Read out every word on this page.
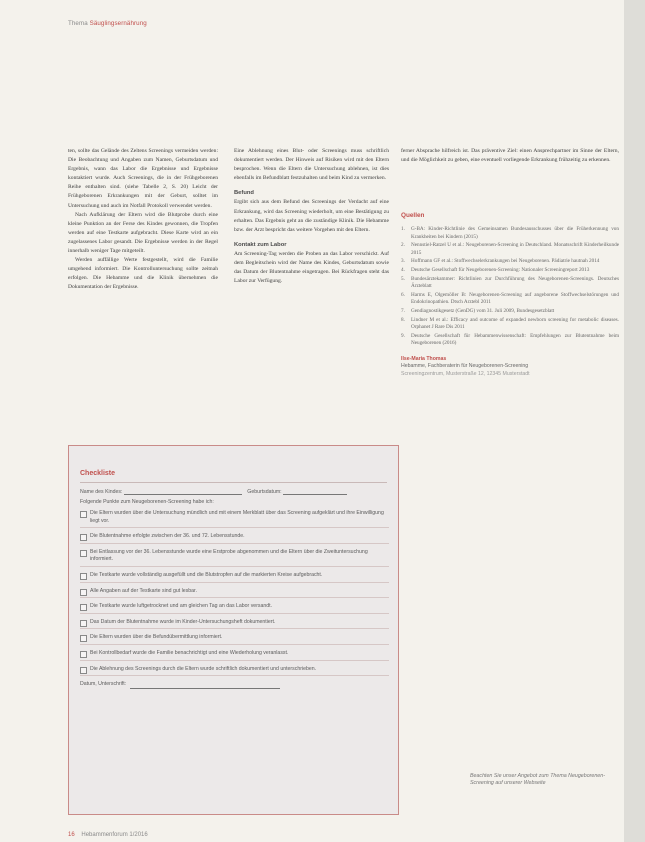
Thema Säuglingsernährung

ten, sollte das Gelände des Zeltens Screenings vermeiden werden: Die Beobachtung und Angaben zum Namen, Geburtsdatum und Ergebnis, wann das Labor die Ergebnisse und Ergebnisse kontaktiert wurde. Auch Screenings, die in der Frühgeborenen Reihe enthalten sind. (siehe Tabelle 2, S. 20) Leicht der Frühgeborenen Erkrankungen mit der Geburt, solltet im Untersuchung und auch im Notfall Protokoll verwendet werden.

Nach Aufklärung der Eltern wird die Blutprobe durch eine kleine Punktion an der Ferse des Kindes gewonnen, die Tropfen werden auf eine Testkarte aufgebracht. Diese Karte wird an ein zugelassenes Labor gesandt. Die Ergebnisse werden in der Regel innerhalb weniger Tage mitgeteilt.

Werden auffällige Werte festgestellt, wird die Familie umgehend informiert. Die Kontrolluntersuchung sollte zeitnah erfolgen. Die Hebamme und die Klinik übernehmen die Dokumentation der Ergebnisse.

Eine Ablehnung eines Blut- oder Screenings muss schriftlich dokumentiert werden. Der Hinweis auf Risiken wird mit den Eltern besprochen. Wenn die Eltern die Untersuchung ablehnen, ist dies ebenfalls im Befundblatt festzuhalten und beim Kind zu vermerken.

Befund

Ergibt sich aus dem Befund des Screenings der Verdacht auf eine Erkrankung, wird das Screening wiederholt, um eine Bestätigung zu erhalten. Das Ergebnis geht an die zuständige Klinik. Die Hebamme bzw. der Arzt bespricht das weitere Vorgehen mit den Eltern.

Kontakt zum Labor

Am Screening-Tag werden die Proben an das Labor verschickt. Auf dem Begleitschein wird der Name des Kindes, Geburtsdatum sowie das Datum der Blutentnahme eingetragen. Bei Rückfragen steht das Labor zur Verfügung.

ferner Absprache hilfreich ist. Das präventive Ziel: einen Ansprechpartner im Sinne der Eltern, und die Möglichkeit zu geben, eine eventuell vorliegende Erkrankung frühzeitig zu erkennen.

Quellen
1. G-BA: Kinder-Richtlinie des Gemeinsamen Bundesausschusses über die Früherkennung von Krankheiten bei Kindern (2015)
2. Nennstiel-Ratzel U et al.: Neugeborenen-Screening in Deutschland. Monatsschrift Kinderheilkunde 2015
3. Hoffmann GF et al.: Stoffwechselerkrankungen bei Neugeborenen. Pädiatrie hautnah 2014
4. Deutsche Gesellschaft für Neugeborenen-Screening: Nationaler Screeningreport 2013
5. Bundesärztekammer: Richtlinien zur Durchführung des Neugeborenen-Screenings. Deutsches Ärzteblatt
6. Harms E, Olgemöller B: Neugeborenen-Screening auf angeborene Stoffwechselstörungen und Endokrinopathien. Dtsch Arztebl 2011
7. Gendiagnostikgesetz (GenDG) vom 31. Juli 2009, Bundesgesetzblatt
8. Lindner M et al.: Efficacy and outcome of expanded newborn screening for metabolic diseases. Orphanet J Rare Dis 2011
9. Deutsche Gesellschaft für Hebammenwissenschaft: Empfehlungen zur Blutentnahme beim Neugeborenen (2016)
Ilse-Maria Thomas
Hebamme, Fachberaterin für Neugeborenen-Screening
Screeningzentrum, Musterstraße 12, 12345 Musterstadt
Beachten Sie unser Angebot zum Thema Neugeborenen-Screening auf unserer Webseite
Checkliste
Name des Kindes:	Geburtsdatum:
Folgende Punkte zum Neugeborenen-Screening habe ich:
Die Eltern wurden über die Untersuchung mündlich und mit einem Merkblatt über das Screening aufgeklärt und ihre Einwilligung liegt vor.
Die Blutentnahme erfolgte zwischen der 36. und 72. Lebensstunde.
Bei Entlassung vor der 36. Lebensstunde wurde eine Erstprobe abgenommen und die Eltern über die Zweituntersuchung informiert.
Die Testkarte wurde vollständig ausgefüllt und die Blutstropfen auf die markierten Kreise aufgebracht.
Alle Angaben auf der Testkarte sind gut lesbar.
Die Testkarte wurde luftgetrocknet und am gleichen Tag an das Labor versandt.
Das Datum der Blutentnahme wurde im Kinder-Untersuchungsheft dokumentiert.
Die Eltern wurden über die Befundübermittlung informiert.
Bei Kontrollbedarf wurde die Familie benachrichtigt und eine Wiederholung veranlasst.
Die Ablehnung des Screenings durch die Eltern wurde schriftlich dokumentiert und unterschrieben.
Datum, Unterschrift:
16 Hebammenforum 1/2016
